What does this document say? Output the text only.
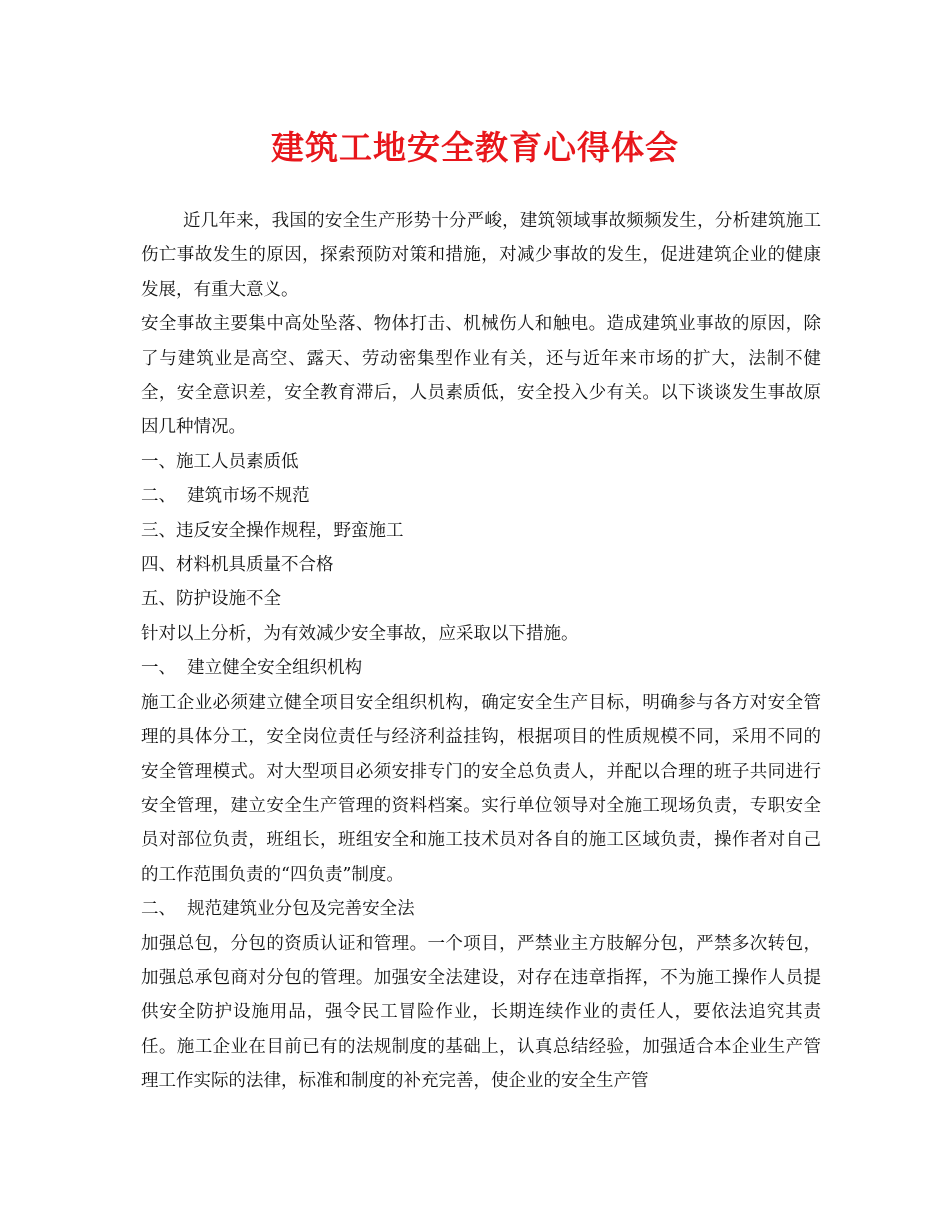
建筑工地安全教育心得体会

近几年来，我国的安全生产形势十分严峻，建筑领域事故频频发生，分析建筑施工伤亡事故发生的原因，探索预防对策和措施，对减少事故的发生，促进建筑企业的健康发展，有重大意义。

安全事故主要集中高处坠落、物体打击、机械伤人和触电。造成建筑业事故的原因，除了与建筑业是高空、露天、劳动密集型作业有关，还与近年来市场的扩大，法制不健全，安全意识差，安全教育滞后，人员素质低，安全投入少有关。以下谈谈发生事故原因几种情况。

一、施工人员素质低

二、  建筑市场不规范

三、违反安全操作规程，野蛮施工

四、材料机具质量不合格

五、防护设施不全

针对以上分析，为有效减少安全事故，应采取以下措施。

一、  建立健全安全组织机构

施工企业必须建立健全项目安全组织机构，确定安全生产目标，明确参与各方对安全管理的具体分工，安全岗位责任与经济利益挂钩，根据项目的性质规模不同，采用不同的安全管理模式。对大型项目必须安排专门的安全总负责人，并配以合理的班子共同进行安全管理，建立安全生产管理的资料档案。实行单位领导对全施工现场负责，专职安全员对部位负责，班组长，班组安全和施工技术员对各自的施工区域负责，操作者对自己的工作范围负责的“四负责”制度。

二、  规范建筑业分包及完善安全法

加强总包，分包的资质认证和管理。一个项目，严禁业主方肢解分包，严禁多次转包，加强总承包商对分包的管理。加强安全法建设，对存在违章指挥，不为施工操作人员提供安全防护设施用品，强令民工冒险作业，长期连续作业的责任人，要依法追究其责任。施工企业在目前已有的法规制度的基础上，认真总结经验，加强适合本企业生产管理工作实际的法律，标准和制度的补充完善，使企业的安全生产管
